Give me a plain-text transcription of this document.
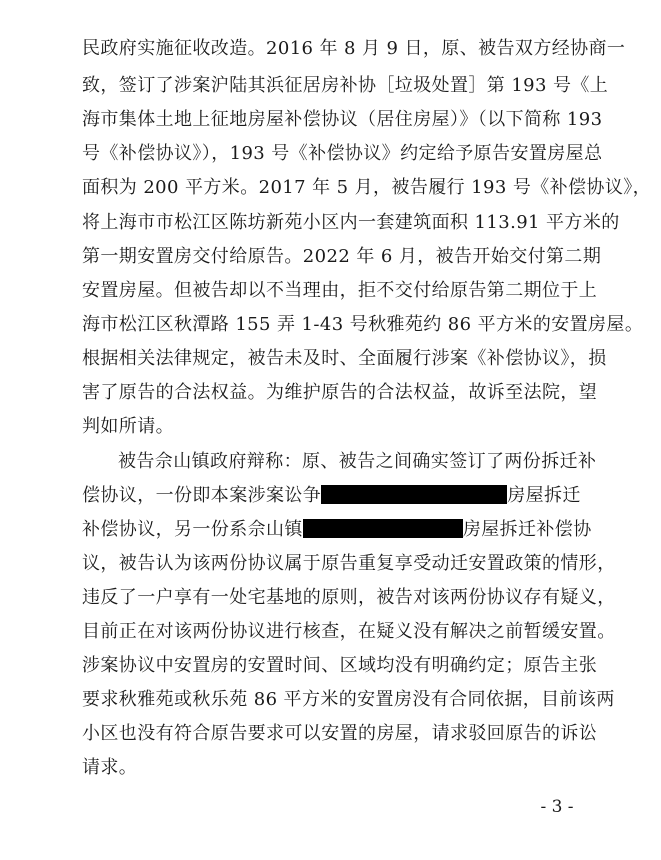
民政府实施征收改造。2016 年 8 月 9 日，原、被告双方经协商一
致，签订了涉案沪陆其浜征居房补协［垃圾处置］第 193 号《上
海市集体土地上征地房屋补偿协议（居住房屋）》（以下简称 193
号《补偿协议》），193 号《补偿协议》约定给予原告安置房屋总
面积为 200 平方米。2017 年 5 月，被告履行 193 号《补偿协议》，
将上海市市松江区陈坊新苑小区内一套建筑面积 113.91 平方米的
第一期安置房交付给原告。2022 年 6 月，被告开始交付第二期
安置房屋。但被告却以不当理由，拒不交付给原告第二期位于上
海市松江区秋潭路 155 弄 1-43 号秋雅苑约 86 平方米的安置房屋。
根据相关法律规定，被告未及时、全面履行涉案《补偿协议》，损
害了原告的合法权益。为维护原告的合法权益，故诉至法院，望
判如所请。
被告佘山镇政府辩称：原、被告之间确实签订了两份拆迁补
偿协议，一份即本案涉案讼争	房屋拆迁
补偿协议，另一份系佘山镇	房屋拆迁补偿协
议，被告认为该两份协议属于原告重复享受动迁安置政策的情形，
违反了一户享有一处宅基地的原则，被告对该两份协议存有疑义，
目前正在对该两份协议进行核查，在疑义没有解决之前暂缓安置。
涉案协议中安置房的安置时间、区域均没有明确约定；原告主张
要求秋雅苑或秋乐苑 86 平方米的安置房没有合同依据，目前该两
小区也没有符合原告要求可以安置的房屋，请求驳回原告的诉讼
请求。
- 3 -
